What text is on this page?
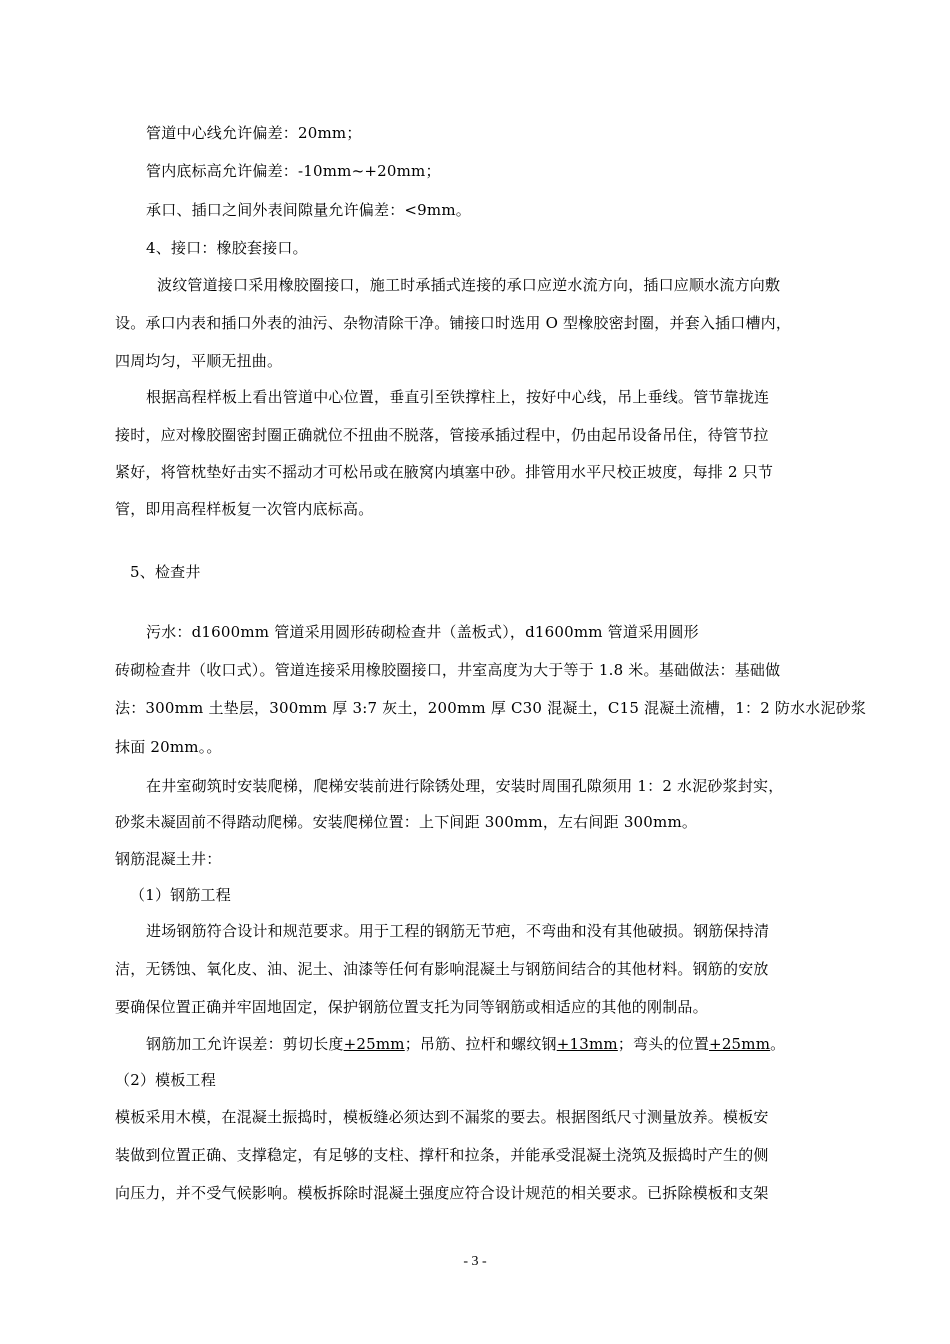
管道中心线允许偏差：20mm；
管内底标高允许偏差：-10mm~+20mm；
承口、插口之间外表间隙量允许偏差：<9mm。
4、接口：橡胶套接口。
波纹管道接口采用橡胶圈接口，施工时承插式连接的承口应逆水流方向，插口应顺水流方向敷
设。承口内表和插口外表的油污、杂物清除干净。铺接口时选用 O 型橡胶密封圈，并套入插口槽内，
四周均匀，平顺无扭曲。
根据高程样板上看出管道中心位置，垂直引至铁撑柱上，按好中心线，吊上垂线。管节靠拢连
接时，应对橡胶圈密封圈正确就位不扭曲不脱落，管接承插过程中，仍由起吊设备吊住，待管节拉
紧好，将管枕垫好击实不摇动才可松吊或在腋窝内填塞中砂。排管用水平尺校正坡度，每排 2 只节
管，即用高程样板复一次管内底标高。
5、检查井
污水：d1600mm 管道采用圆形砖砌检查井（盖板式），d1600mm 管道采用圆形
砖砌检查井（收口式）。管道连接采用橡胶圈接口，井室高度为大于等于 1.8 米。基础做法：基础做
法：300mm 土垫层，300mm 厚 3:7 灰土，200mm 厚 C30 混凝土，C15 混凝土流槽，1：2 防水水泥砂浆
抹面 20mm。。
在井室砌筑时安装爬梯，爬梯安装前进行除锈处理，安装时周围孔隙须用 1：2 水泥砂浆封实，
砂浆未凝固前不得踏动爬梯。安装爬梯位置：上下间距 300mm，左右间距 300mm。
钢筋混凝土井：
（1）钢筋工程
进场钢筋符合设计和规范要求。用于工程的钢筋无节疤，不弯曲和没有其他破损。钢筋保持清
洁，无锈蚀、氧化皮、油、泥土、油漆等任何有影响混凝土与钢筋间结合的其他材料。钢筋的安放
要确保位置正确并牢固地固定，保护钢筋位置支托为同等钢筋或相适应的其他的刚制品。
钢筋加工允许误差：剪切长度+25mm；吊筋、拉杆和螺纹钢+13mm；弯头的位置+25mm。
（2）模板工程
模板采用木模，在混凝土振捣时，模板缝必须达到不漏浆的要去。根据图纸尺寸测量放养。模板安
装做到位置正确、支撑稳定，有足够的支柱、撑杆和拉条，并能承受混凝土浇筑及振捣时产生的侧
向压力，并不受气候影响。模板拆除时混凝土强度应符合设计规范的相关要求。已拆除模板和支架
- 3 -
